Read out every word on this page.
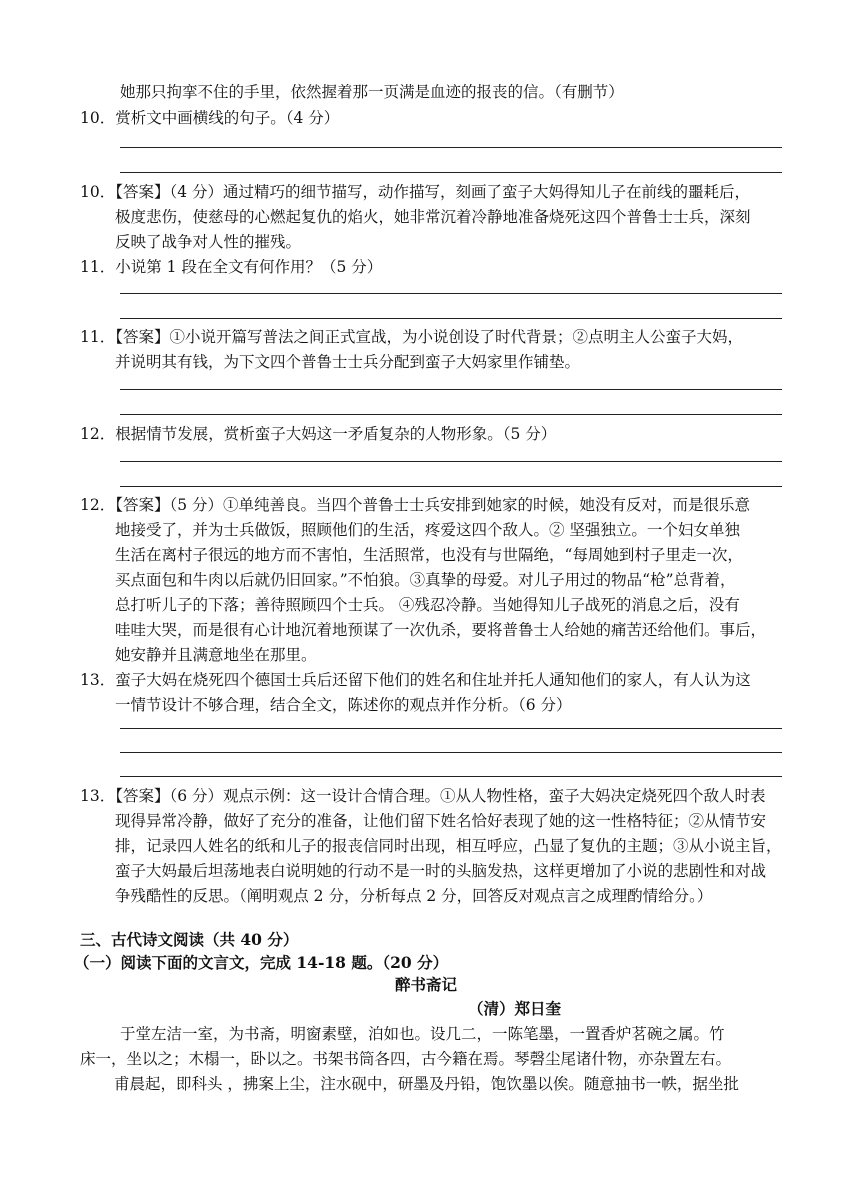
她那只拘挛不住的手里，依然握着那一页满是血迹的报丧的信。（有删节）
10．赏析文中画横线的句子。（4 分）
10．【答案】（4 分）通过精巧的细节描写，动作描写，刻画了蛮子大妈得知儿子在前线的噩耗后，
极度悲伤，使慈母的心燃起复仇的焰火，她非常沉着冷静地准备烧死这四个普鲁士士兵，深刻
反映了战争对人性的摧残。
11．小说第 1 段在全文有何作用？（5 分）
11．【答案】①小说开篇写普法之间正式宣战，为小说创设了时代背景；②点明主人公蛮子大妈，
并说明其有钱，为下文四个普鲁士士兵分配到蛮子大妈家里作铺垫。
12．根据情节发展，赏析蛮子大妈这一矛盾复杂的人物形象。（5 分）
12．【答案】（5 分）①单纯善良。当四个普鲁士士兵安排到她家的时候，她没有反对，而是很乐意
地接受了，并为士兵做饭，照顾他们的生活，疼爱这四个敌人。② 坚强独立。一个妇女单独
生活在离村子很远的地方而不害怕，生活照常，也没有与世隔绝，“每周她到村子里走一次，
买点面包和牛肉以后就仍旧回家。”不怕狼。③真挚的母爱。对儿子用过的物品“枪”总背着，
总打听儿子的下落；善待照顾四个士兵。 ④残忍冷静。当她得知儿子战死的消息之后，没有
哇哇大哭，而是很有心计地沉着地预谋了一次仇杀，要将普鲁士人给她的痛苦还给他们。事后，
她安静并且满意地坐在那里。
13．蛮子大妈在烧死四个德国士兵后还留下他们的姓名和住址并托人通知他们的家人，有人认为这
一情节设计不够合理，结合全文，陈述你的观点并作分析。（6 分）
13．【答案】（6 分）观点示例：这一设计合情合理。①从人物性格，蛮子大妈决定烧死四个敌人时表
现得异常冷静，做好了充分的准备，让他们留下姓名恰好表现了她的这一性格特征；②从情节安
排，记录四人姓名的纸和儿子的报丧信同时出现，相互呼应，凸显了复仇的主题；③从小说主旨，
蛮子大妈最后坦荡地表白说明她的行动不是一时的头脑发热，这样更增加了小说的悲剧性和对战
争残酷性的反思。（阐明观点 2 分，分析每点 2 分，回答反对观点言之成理酌情给分。）
三、古代诗文阅读（共 40 分）
（一）阅读下面的文言文，完成 14-18 题。（20 分）
醉书斋记
（清）郑日奎
于堂左洁一室，为书斋，明窗素壁，泊如也。设几二，一陈笔墨，一置香炉茗碗之属。竹
床一，坐以之；木榻一，卧以之。书架书筒各四，古今籍在焉。琴磬尘尾诸什物，亦杂置左右。
甫晨起，即科头 ，拂案上尘，注水砚中，研墨及丹铅，饱饮墨以俟。随意抽书一帙，据坐批
